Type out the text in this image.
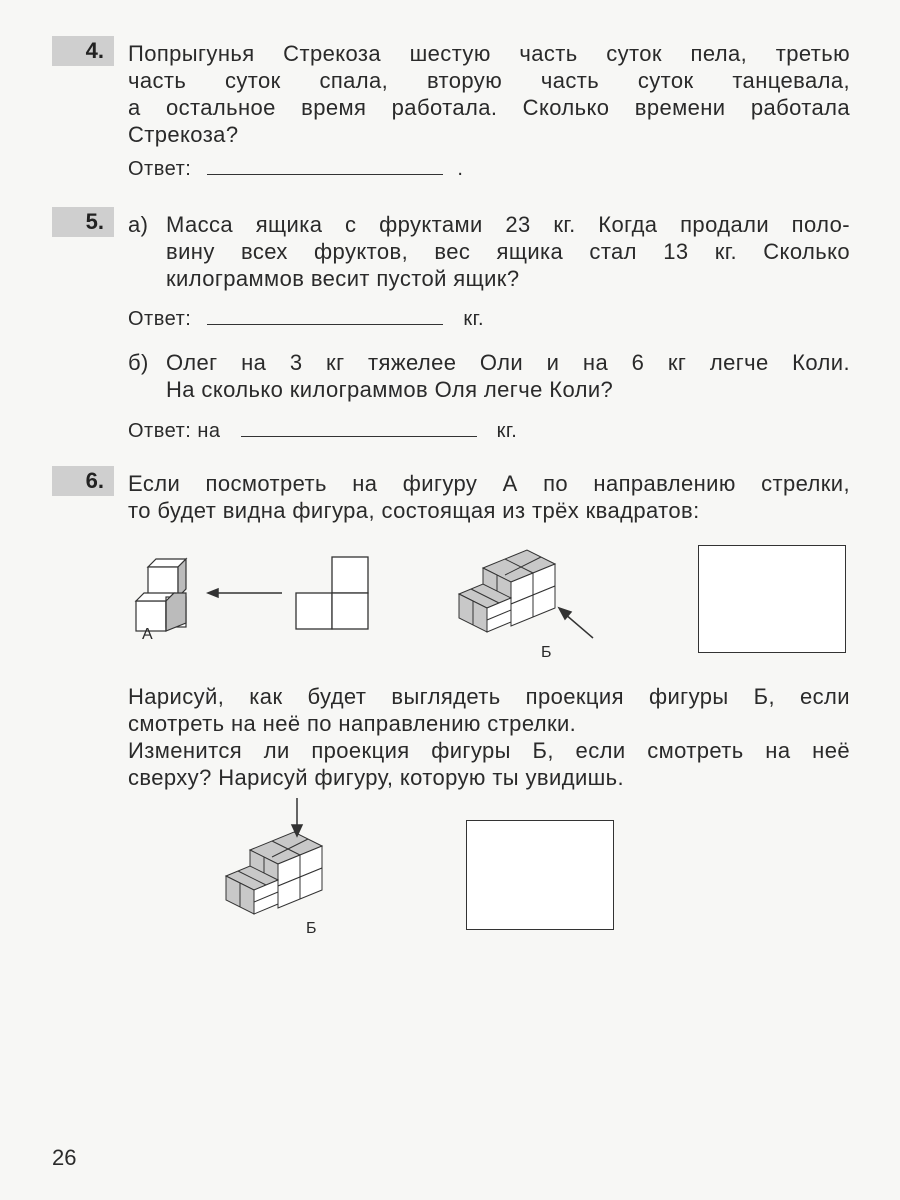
4.	Попрыгунья Стрекоза шестую часть суток пела, третью
часть суток спала, вторую часть суток танцевала,
а остальное время работала. Сколько времени работала
Стрекоза?
Ответ:	.
5.	а) Масса ящика с фруктами 23 кг. Когда продали поло-
вину всех фруктов, вес ящика стал 13 кг. Сколько
килограммов весит пустой ящик?
Ответ:	кг.
б) Олег на 3 кг тяжелее Оли и на 6 кг легче Коли.
На сколько килограммов Оля легче Коли?
Ответ: на	кг.
6.	Если посмотреть на фигуру А по направлению стрелки,
то будет видна фигура, состоящая из трёх квадратов:
А
Б
Нарисуй, как будет выглядеть проекция фигуры Б, если
смотреть на неё по направлению стрелки.
Изменится ли проекция фигуры Б, если смотреть на неё
сверху? Нарисуй фигуру, которую ты увидишь.
Б
26
